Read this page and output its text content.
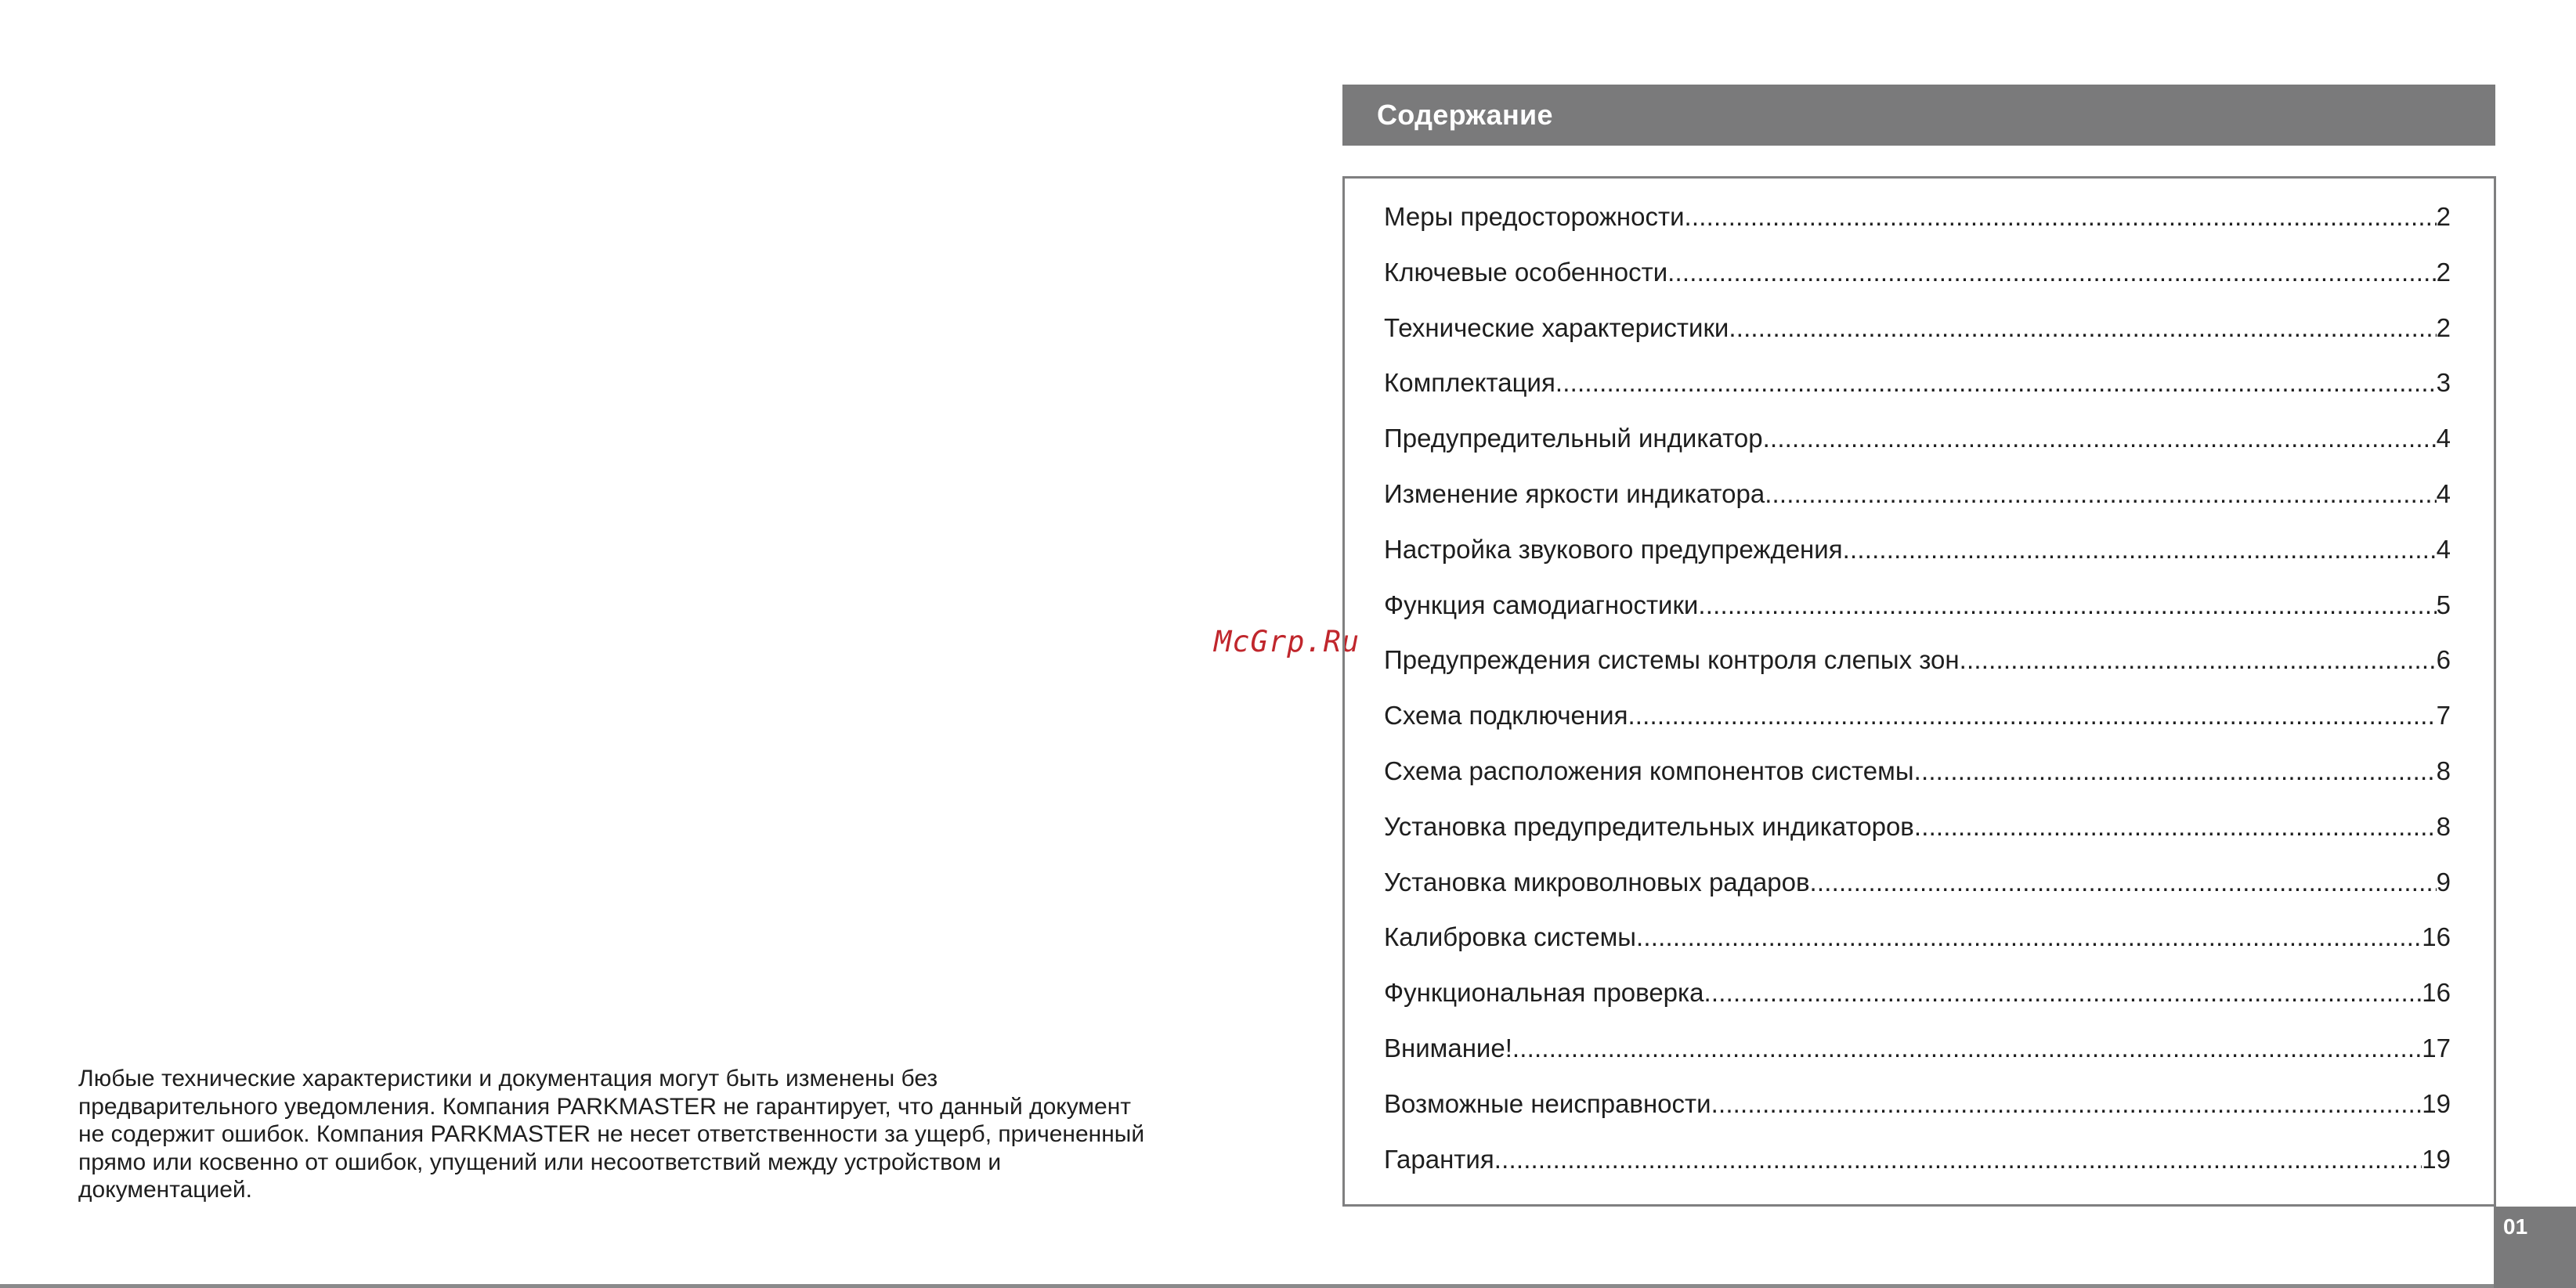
Любые технические характеристики и документация могут быть изменены без
предварительного уведомления. Компания PARKMASTER не гарантирует, что данный документ
не содержит ошибок. Компания PARKMASTER не несет ответственности за ущерб, причененный
прямо или косвенно от ошибок, упущений или несоответствий между устройством и
документацией.
McGrp.Ru
Содержание
Меры предосторожности .....	2
Ключевые особенности .....	2
Технические характеристики .....	2
Комплектация .....	3
Предупредительный индикатор .....	4
Изменение яркости индикатора .....	4
Настройка звукового предупреждения .....	4
Функция самодиагностики .....	5
Предупреждения системы контроля слепых зон .....	6
Схема подключения .....	7
Схема расположения компонентов системы .....	8
Установка предупредительных индикаторов .....	8
Установка микроволновых радаров .....	9
Калибровка системы .....	16
Функциональная проверка .....	16
Внимание! .....	17
Возможные неисправности .....	19
Гарантия .....	19
01
